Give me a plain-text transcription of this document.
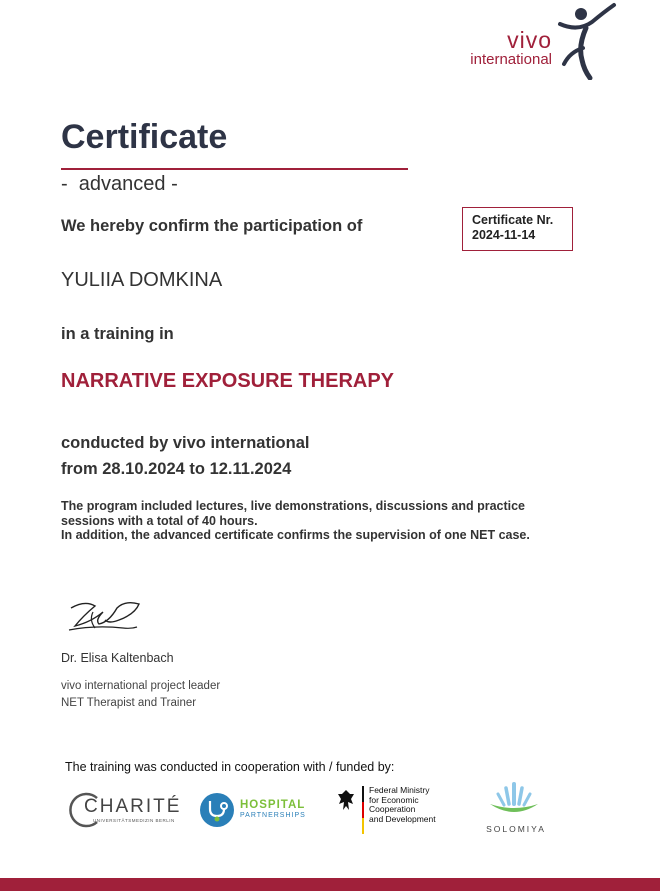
vivo
international
Certificate
-  advanced -
We hereby confirm the participation of	Certificate Nr.
2024-11-14
YULIIA DOMKINA
in a training in
NARRATIVE EXPOSURE THERAPY
conducted by vivo international
from 28.10.2024 to 12.11.2024
The program included lectures, live demonstrations, discussions and practice
sessions with a total of 40 hours.
In addition, the advanced certificate confirms the supervision of one NET case.
Dr. Elisa Kaltenbach
vivo international project leader
NET Therapist and Trainer
The training was conducted in cooperation with / funded by:
CHARITÉ
UNIVERSITÄTSMEDIZIN BERLIN
HOSPITAL
PARTNERSHIPS
Federal Ministry
for Economic Cooperation
and Development
SOLOMIYA
